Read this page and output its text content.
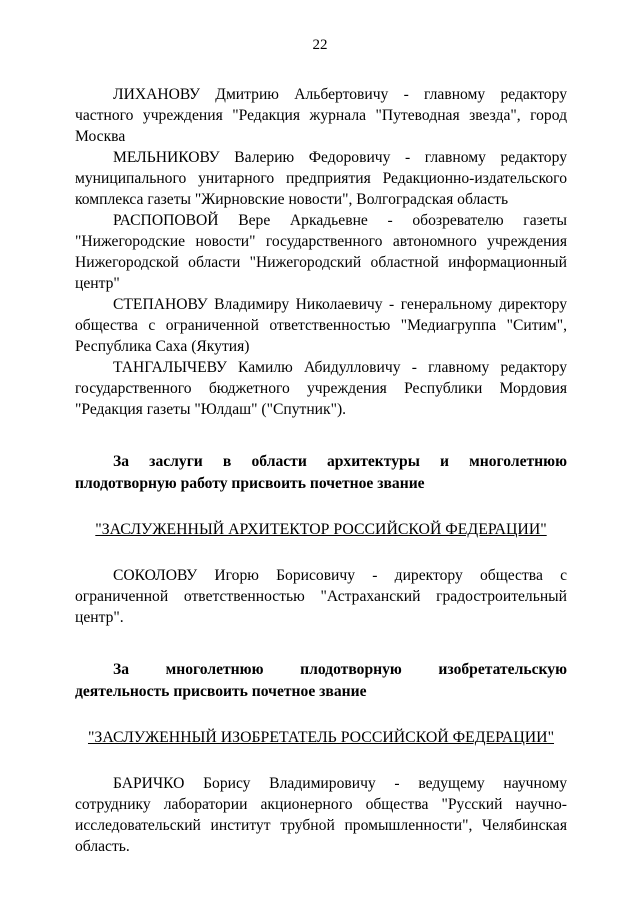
22

ЛИХАНОВУ Дмитрию Альбертовичу - главному редактору частного учреждения "Редакция журнала "Путеводная звезда", город Москва

МЕЛЬНИКОВУ Валерию Федоровичу - главному редактору муниципального унитарного предприятия Редакционно-издательского комплекса газеты "Жирновские новости", Волгоградская область

РАСПОПОВОЙ Вере Аркадьевне - обозревателю газеты "Нижегородские новости" государственного автономного учреждения Нижегородской области "Нижегородский областной информационный центр"

СТЕПАНОВУ Владимиру Николаевичу - генеральному директору общества с ограниченной ответственностью "Медиагруппа "Ситим", Республика Саха (Якутия)

ТАНГАЛЫЧЕВУ Камилю Абидулловичу - главному редактору государственного бюджетного учреждения Республики Мордовия "Редакция газеты "Юлдаш" ("Спутник").

За заслуги в области архитектуры и многолетнюю плодотворную работу присвоить почетное звание

"ЗАСЛУЖЕННЫЙ АРХИТЕКТОР РОССИЙСКОЙ ФЕДЕРАЦИИ"

СОКОЛОВУ Игорю Борисовичу - директору общества с ограниченной ответственностью "Астраханский градостроительный центр".

За многолетнюю плодотворную изобретательскую деятельность присвоить почетное звание

"ЗАСЛУЖЕННЫЙ ИЗОБРЕТАТЕЛЬ РОССИЙСКОЙ ФЕДЕРАЦИИ"

БАРИЧКО Борису Владимировичу - ведущему научному сотруднику лаборатории акционерного общества "Русский научно-исследовательский институт трубной промышленности", Челябинская область.
